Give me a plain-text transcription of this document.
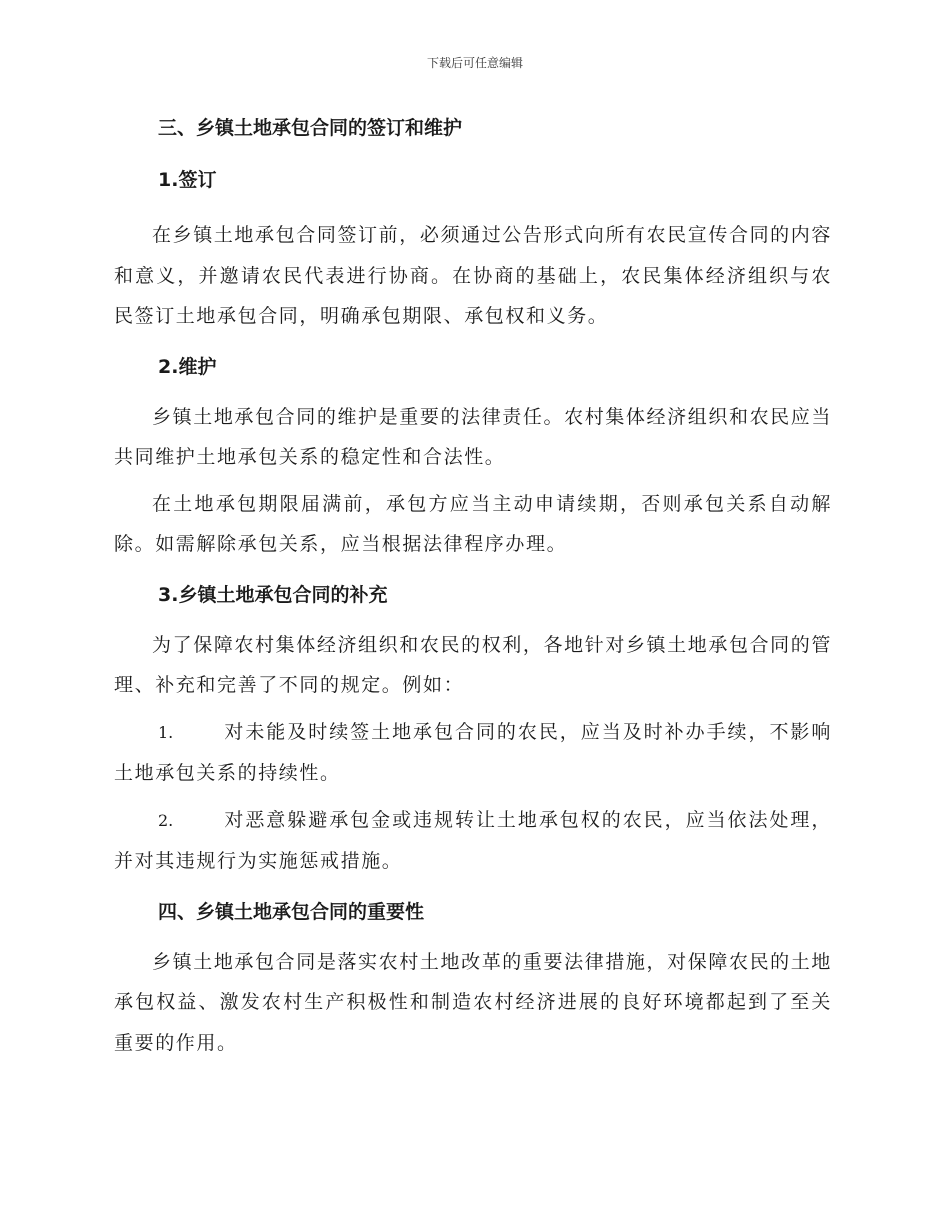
下载后可任意编辑
三、乡镇土地承包合同的签订和维护
1.签订

在乡镇土地承包合同签订前，必须通过公告形式向所有农民宣传合同的内容和意义，并邀请农民代表进行协商。在协商的基础上，农民集体经济组织与农民签订土地承包合同，明确承包期限、承包权和义务。

2.维护

乡镇土地承包合同的维护是重要的法律责任。农村集体经济组织和农民应当共同维护土地承包关系的稳定性和合法性。

在土地承包期限届满前，承包方应当主动申请续期，否则承包关系自动解除。如需解除承包关系，应当根据法律程序办理。

3.乡镇土地承包合同的补充

为了保障农村集体经济组织和农民的权利，各地针对乡镇土地承包合同的管理、补充和完善了不同的规定。例如：

1.	对未能及时续签土地承包合同的农民，应当及时补办手续，不影响土地承包关系的持续性。

2.	对恶意躲避承包金或违规转让土地承包权的农民，应当依法处理，并对其违规行为实施惩戒措施。

四、乡镇土地承包合同的重要性

乡镇土地承包合同是落实农村土地改革的重要法律措施，对保障农民的土地承包权益、激发农村生产积极性和制造农村经济进展的良好环境都起到了至关重要的作用。
